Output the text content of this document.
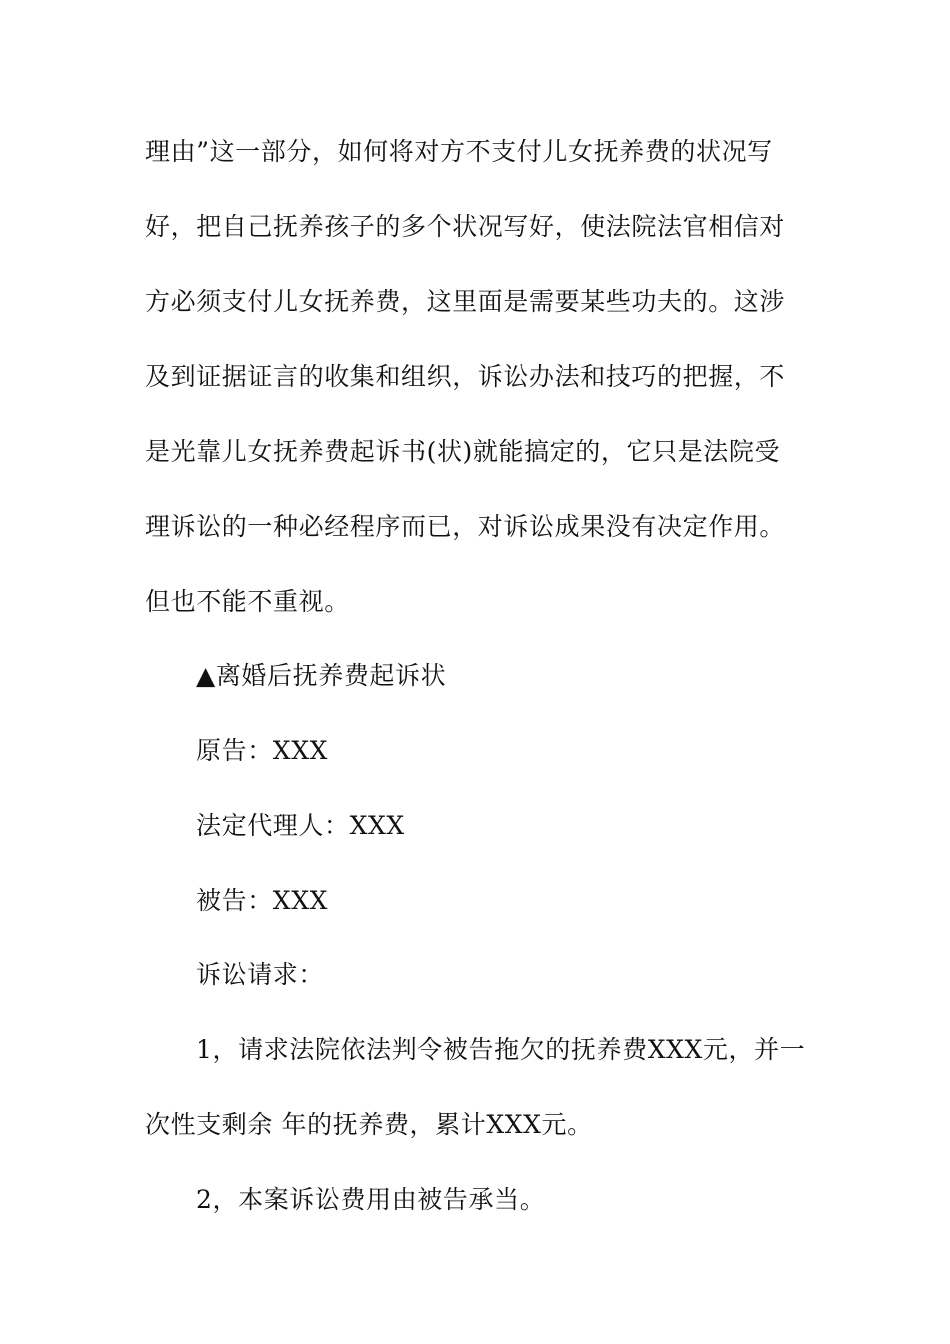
理由”这一部分，如何将对方不支付儿女抚养费的状况写
好，把自己抚养孩子的多个状况写好，使法院法官相信对
方必须支付儿女抚养费，这里面是需要某些功夫的。这涉
及到证据证言的收集和组织，诉讼办法和技巧的把握，不
是光靠儿女抚养费起诉书(状)就能搞定的，它只是法院受
理诉讼的一种必经程序而已，对诉讼成果没有决定作用。
但也不能不重视。
▲离婚后抚养费起诉状
原告：XXX
法定代理人：XXX
被告：XXX
诉讼请求：
1，请求法院依法判令被告拖欠的抚养费XXX元，并一
次性支剩余 年的抚养费，累计XXX元。
2，本案诉讼费用由被告承当。
